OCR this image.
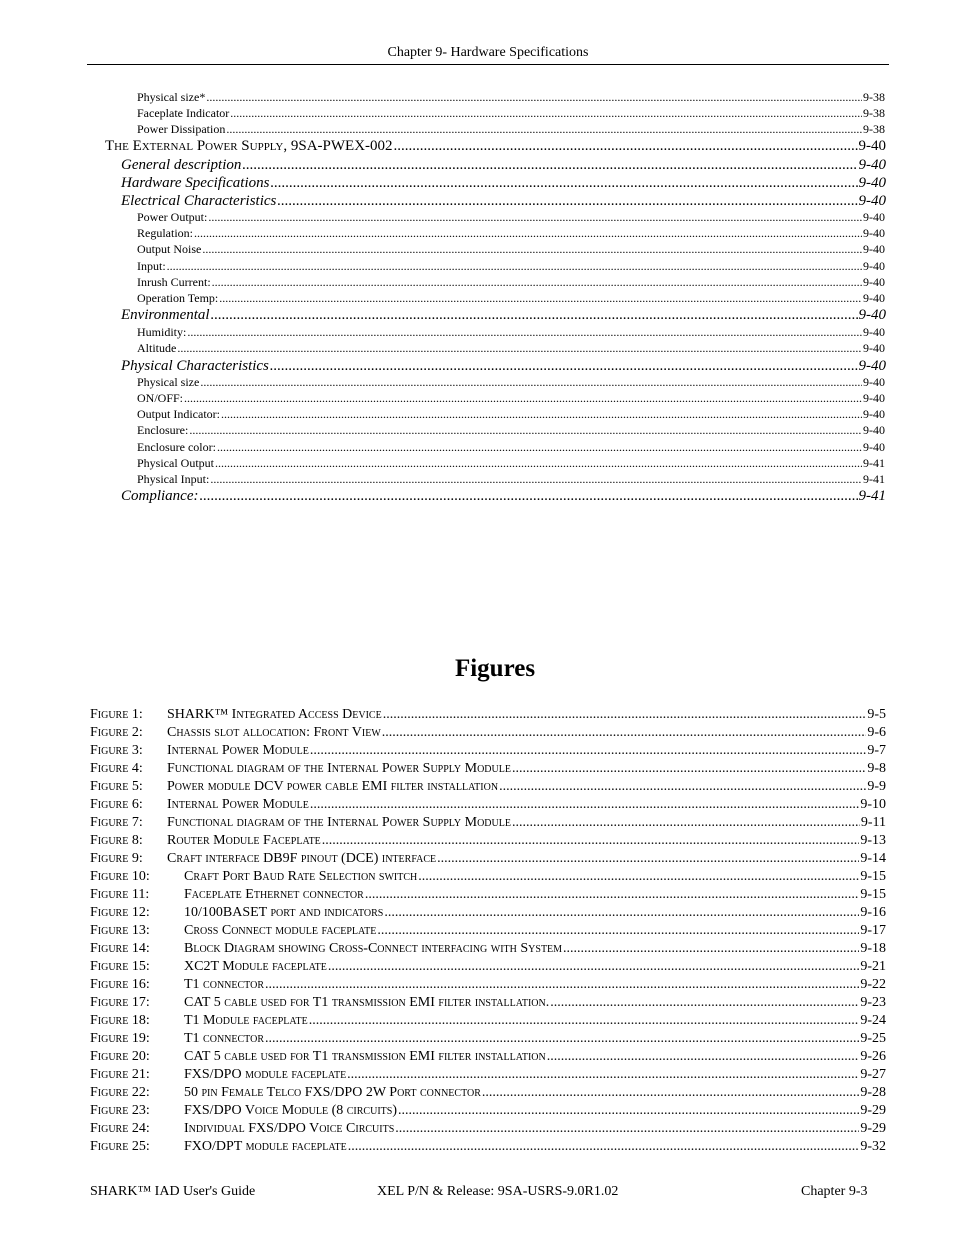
Chapter 9- Hardware Specifications
Physical size* .....	9-38
Faceplate Indicator .....	9-38
Power Dissipation .....	9-38
The External Power Supply, 9SA-PWEX-002 .....	9-40
General description .....	9-40
Hardware Specifications .....	9-40
Electrical Characteristics .....	9-40
Power Output: .....	9-40
Regulation: .....	9-40
Output Noise .....	9-40
Input: .....	9-40
Inrush Current: .....	9-40
Operation Temp: .....	9-40
Environmental .....	9-40
Humidity: .....	9-40
Altitude .....	9-40
Physical Characteristics .....	9-40
Physical size .....	9-40
ON/OFF: .....	9-40
Output Indicator: .....	9-40
Enclosure: .....	9-40
Enclosure color: .....	9-40
Physical Output .....	9-41
Physical Input: .....	9-41
Compliance: .....	9-41
Figures
Figure 1:	SHARK™ Integrated Access Device .....	9-5
Figure 2:	Chassis slot allocation: Front View .....	9-6
Figure 3:	Internal Power Module .....	9-7
Figure 4:	Functional diagram of the Internal Power Supply Module .....	9-8
Figure 5:	Power module DCV power cable EMI filter installation .....	9-9
Figure 6:	Internal Power Module .....	9-10
Figure 7:	Functional diagram of the Internal Power Supply Module .....	9-11
Figure 8:	Router Module Faceplate .....	9-13
Figure 9:	Craft interface DB9F pinout (DCE) interface .....	9-14
Figure 10:	Craft Port Baud Rate Selection switch .....	9-15
Figure 11:	Faceplate Ethernet connector .....	9-15
Figure 12:	10/100BASET port and indicators .....	9-16
Figure 13:	Cross Connect module faceplate .....	9-17
Figure 14:	Block Diagram showing Cross-Connect interfacing with System .....	9-18
Figure 15:	XC2T Module faceplate .....	9-21
Figure 16:	T1 connector .....	9-22
Figure 17:	CAT 5 cable used for T1 transmission EMI filter installation. .....	9-23
Figure 18:	T1 Module faceplate .....	9-24
Figure 19:	T1 connector .....	9-25
Figure 20:	CAT 5 cable used for T1 transmission EMI filter installation .....	9-26
Figure 21:	FXS/DPO module faceplate .....	9-27
Figure 22:	50 pin Female Telco FXS/DPO 2W Port connector .....	9-28
Figure 23:	FXS/DPO Voice Module (8 circuits) .....	9-29
Figure 24:	Individual FXS/DPO Voice Circuits .....	9-29
Figure 25:	FXO/DPT module faceplate .....	9-32
SHARK™ IAD User's Guide	XEL P/N & Release: 9SA-USRS-9.0R1.02	Chapter 9-3
